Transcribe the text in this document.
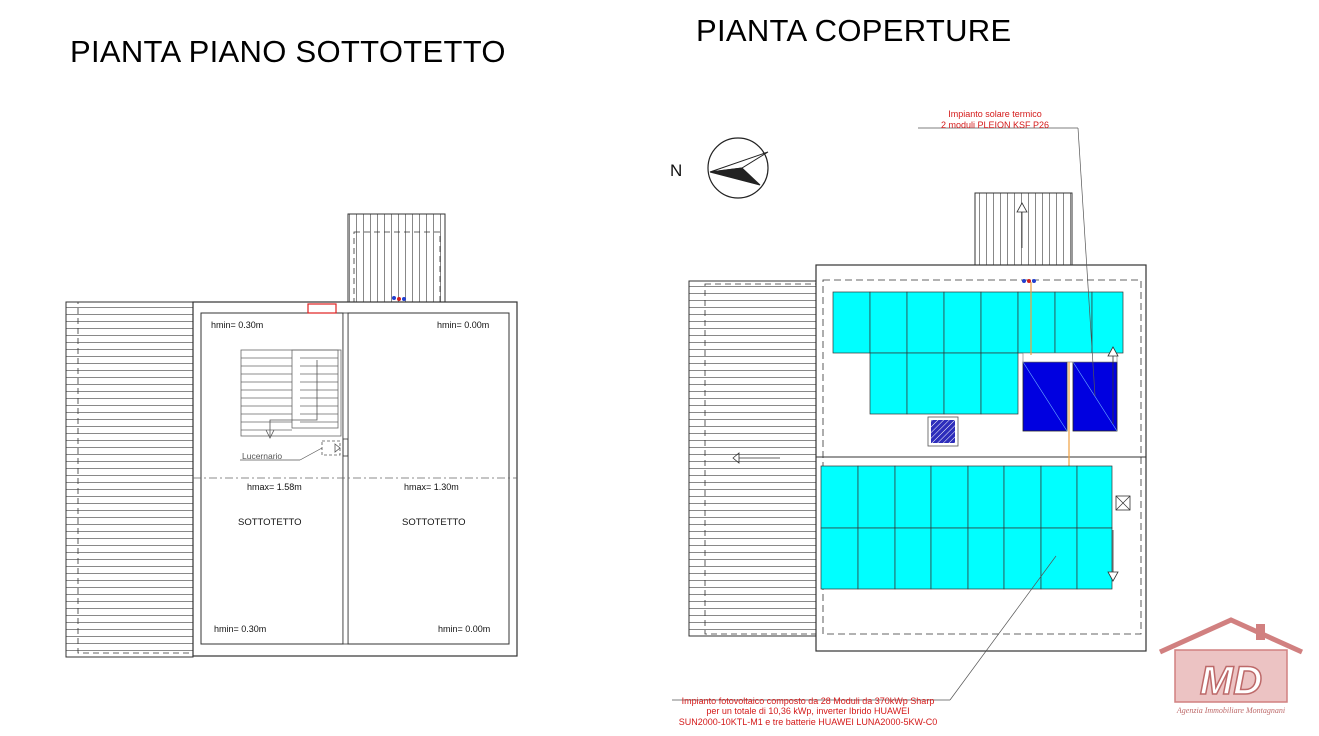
PIANTA PIANO SOTTOTETTO
PIANTA COPERTURE
hmin= 0.30m	hmin= 0.00m
hmax= 1.58m	hmax= 1.30m
SOTTOTETTO	SOTTOTETTO
hmin= 0.30m	hmin= 0.00m
Lucernario
N
Impianto solare termico
2 moduli PLEION KSF P26
Impianto fotovoltaico composto da 28 Moduli da 370kWp Sharp
per un totale di 10,36 kWp, inverter Ibrido HUAWEI
SUN2000-10KTL-M1 e tre batterie HUAWEI LUNA2000-5KW-C0
MD
Agenzia Immobiliare Montagnani
